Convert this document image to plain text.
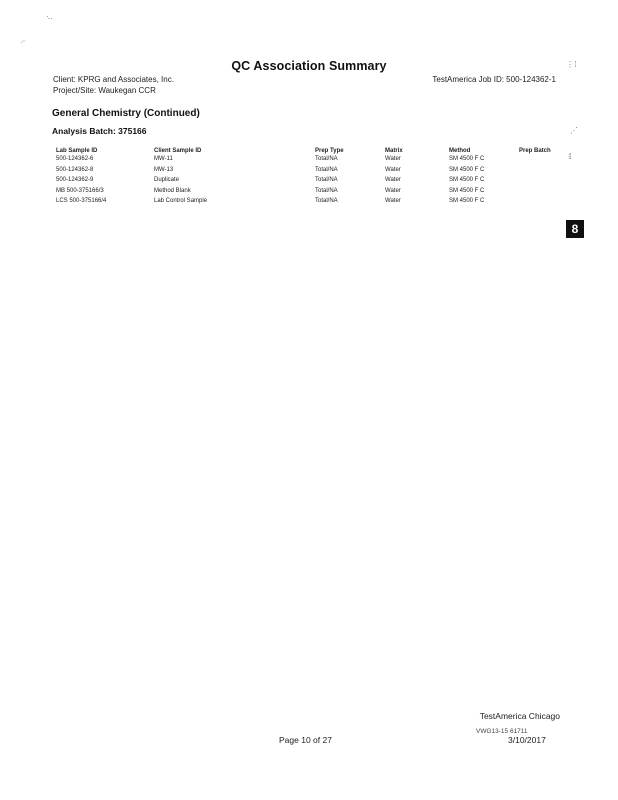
QC Association Summary
Client: KPRG and Associates, Inc.
Project/Site: Waukegan CCR
TestAmerica Job ID: 500-124362-1
General Chemistry (Continued)
Analysis Batch: 375166
Lab Sample ID	Client Sample ID	Prep Type	Matrix	Method	Prep Batch
500-124362-6	MW-11	Total/NA	Water	SM 4500 F C	
500-124362-8	MW-13	Total/NA	Water	SM 4500 F C	
500-124362-9	Duplicate	Total/NA	Water	SM 4500 F C	
MB 500-375166/3	Method Blank	Total/NA	Water	SM 4500 F C	
LCS 500-375166/4	Lab Control Sample	Total/NA	Water	SM 4500 F C	
⋮ ⁞
⋰
⁝⁞
·‥
·⁻
8
TestAmerica Chicago
VWG13-15 61711
Page 10 of 27	3/10/2017
